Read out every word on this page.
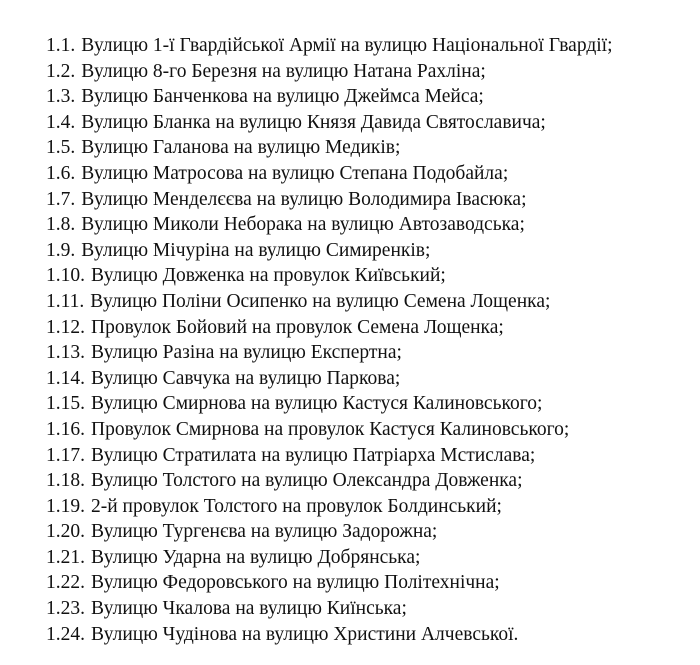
1.1. Вулицю 1-ї Гвардійської Армії на вулицю Національної Гвардії;
1.2. Вулицю 8-го Березня на вулицю Натана Рахліна;
1.3. Вулицю Банченкова на вулицю Джеймса Мейса;
1.4. Вулицю Бланка на вулицю Князя Давида Святославича;
1.5. Вулицю Галанова на вулицю Медиків;
1.6. Вулицю Матросова на вулицю Степана Подобайла;
1.7. Вулицю Менделєєва на вулицю Володимира Івасюка;
1.8. Вулицю Миколи Неборака на вулицю Автозаводська;
1.9. Вулицю Мічуріна на вулицю Симиренків;
1.10. Вулицю Довженка на провулок Київський;
1.11. Вулицю Поліни Осипенко на вулицю Семена Лощенка;
1.12. Провулок Бойовий на провулок Семена Лощенка;
1.13. Вулицю Разіна на вулицю Експертна;
1.14. Вулицю Савчука на вулицю Паркова;
1.15. Вулицю Смирнова на вулицю Кастуся Калиновського;
1.16. Провулок Смирнова на провулок Кастуся Калиновського;
1.17. Вулицю Стратилата на вулицю Патріарха Мстислава;
1.18. Вулицю Толстого на вулицю Олександра Довженка;
1.19. 2-й провулок Толстого на провулок Болдинський;
1.20. Вулицю Тургенєва на вулицю Задорожна;
1.21. Вулицю Ударна на вулицю Добрянська;
1.22. Вулицю Федоровського на вулицю Політехнічна;
1.23. Вулицю Чкалова на вулицю Киїнська;
1.24. Вулицю Чудінова на вулицю Христини Алчевської.
